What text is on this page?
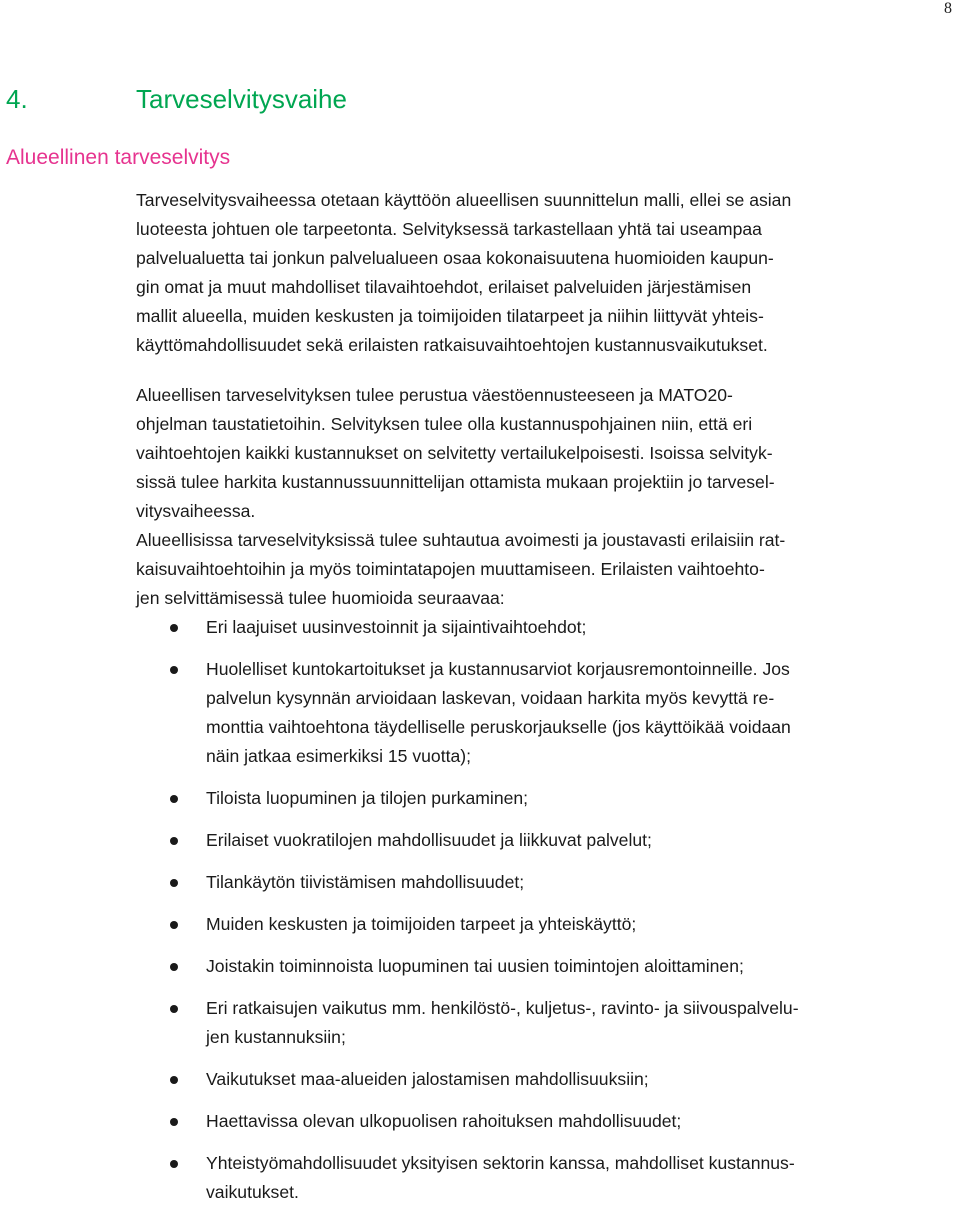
8
4.	Tarveselvitysvaihe
Alueellinen tarveselvitys

Tarveselvitysvaiheessa otetaan käyttöön alueellisen suunnittelun malli, ellei se asian
luoteesta johtuen ole tarpeetonta. Selvityksessä tarkastellaan yhtä tai useampaa
palvelualuetta tai jonkun palvelualueen osaa kokonaisuutena huomioiden kaupun-
gin omat ja muut mahdolliset tilavaihtoehdot, erilaiset palveluiden järjestämisen
mallit alueella, muiden keskusten ja toimijoiden tilatarpeet ja niihin liittyvät yhteis-
käyttömahdollisuudet sekä erilaisten ratkaisuvaihtoehtojen kustannusvaikutukset.

Alueellisen tarveselvityksen tulee perustua väestöennusteeseen ja MATO20-
ohjelman taustatietoihin. Selvityksen tulee olla kustannuspohjainen niin, että eri
vaihtoehtojen kaikki kustannukset on selvitetty vertailukelpoisesti. Isoissa selvityk-
sissä tulee harkita kustannussuunnittelijan ottamista mukaan projektiin jo tarvesel-
vitysvaiheessa.

Alueellisissa tarveselvityksissä tulee suhtautua avoimesti ja joustavasti erilaisiin rat-
kaisuvaihtoehtoihin ja myös toimintatapojen muuttamiseen. Erilaisten vaihtoehto-
jen selvittämisessä tulee huomioida seuraavaa:

Eri laajuiset uusinvestoinnit ja sijaintivaihtoehdot;
Huolelliset kuntokartoitukset ja kustannusarviot korjausremontoinneille. Jos
palvelun kysynnän arvioidaan laskevan, voidaan harkita myös kevyttä re-
monttia vaihtoehtona täydelliselle peruskorjaukselle (jos käyttöikää voidaan
näin jatkaa esimerkiksi 15 vuotta);
Tiloista luopuminen ja tilojen purkaminen;
Erilaiset vuokratilojen mahdollisuudet ja liikkuvat palvelut;
Tilankäytön tiivistämisen mahdollisuudet;
Muiden keskusten ja toimijoiden tarpeet ja yhteiskäyttö;
Joistakin toiminnoista luopuminen tai uusien toimintojen aloittaminen;
Eri ratkaisujen vaikutus mm. henkilöstö-, kuljetus-, ravinto- ja siivouspalvelu-
jen kustannuksiin;
Vaikutukset maa-alueiden jalostamisen mahdollisuuksiin;
Haettavissa olevan ulkopuolisen rahoituksen mahdollisuudet;
Yhteistyömahdollisuudet yksityisen sektorin kanssa, mahdolliset kustannus-
vaikutukset.
